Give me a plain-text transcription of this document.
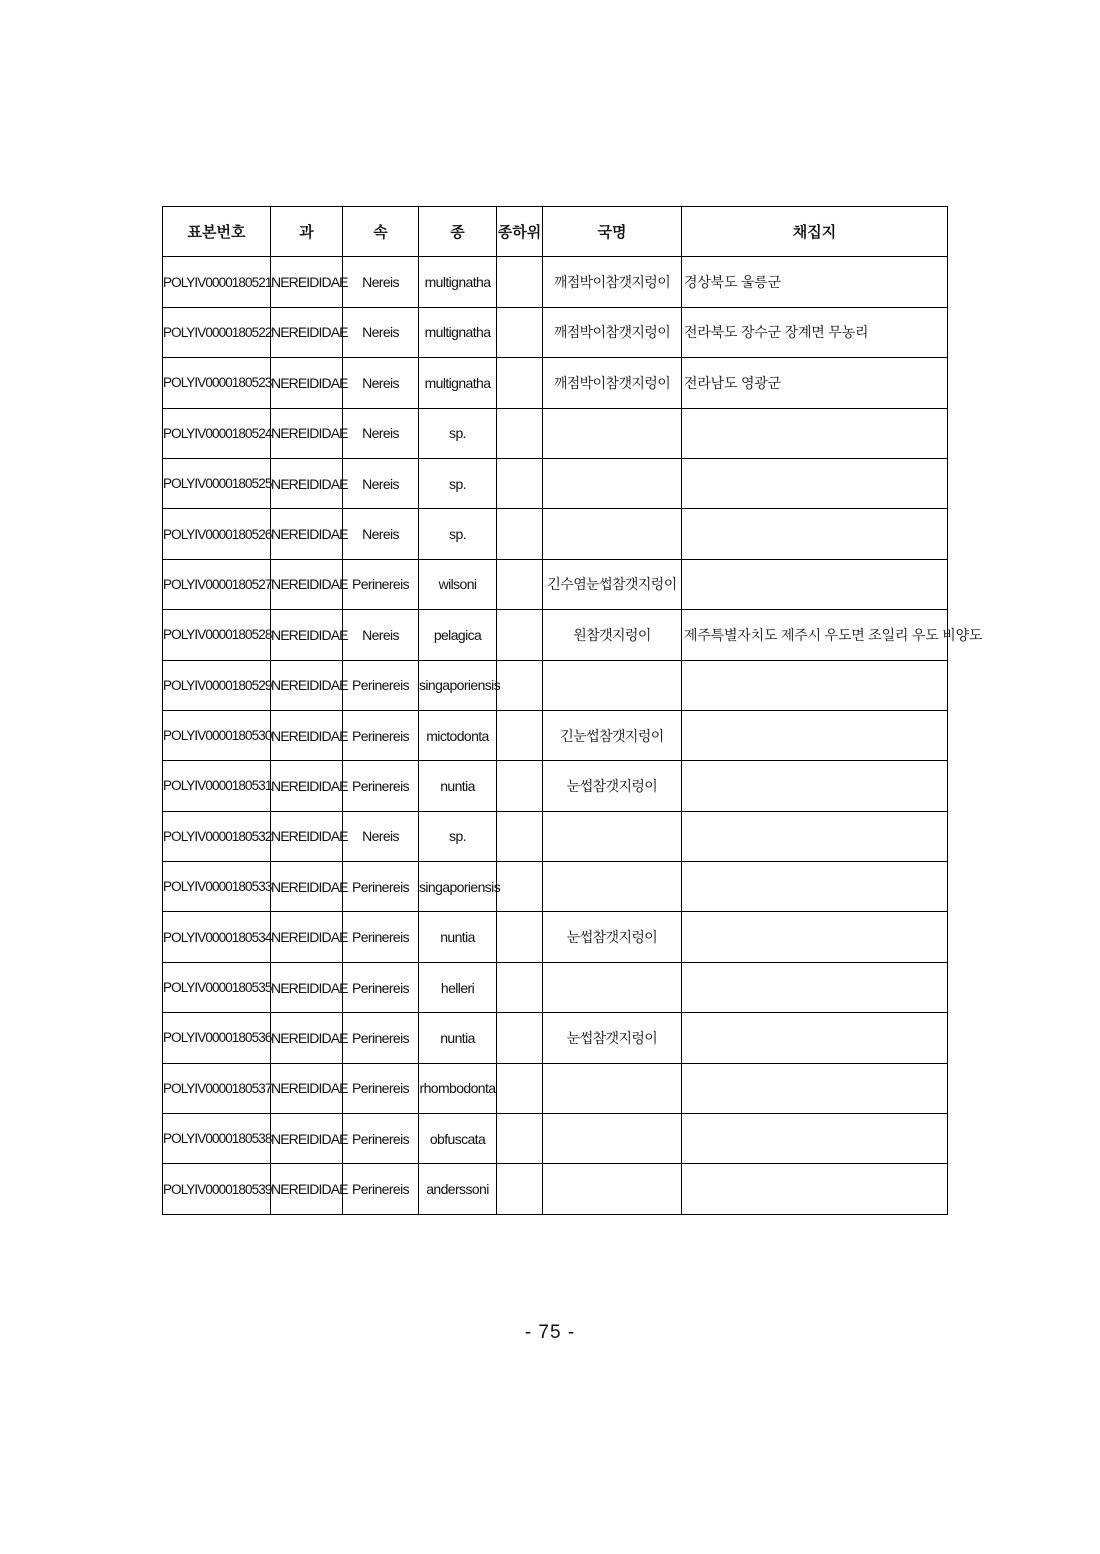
표본번호	과	속	종	종하위	국명	채집지
POLYIV0000180521	NEREIDIDAE	Nereis	multignatha		깨점박이참갯지렁이	경상북도 울릉군
POLYIV0000180522	NEREIDIDAE	Nereis	multignatha		깨점박이참갯지렁이	전라북도 장수군 장계면 무농리
POLYIV0000180523	NEREIDIDAE	Nereis	multignatha		깨점박이참갯지렁이	전라남도 영광군
POLYIV0000180524	NEREIDIDAE	Nereis	sp.			
POLYIV0000180525	NEREIDIDAE	Nereis	sp.			
POLYIV0000180526	NEREIDIDAE	Nereis	sp.			
POLYIV0000180527	NEREIDIDAE	Perinereis	wilsoni		긴수염눈썹참갯지렁이	
POLYIV0000180528	NEREIDIDAE	Nereis	pelagica		원참갯지렁이	제주특별자치도 제주시 우도면 조일리 우도 비양도
POLYIV0000180529	NEREIDIDAE	Perinereis	singaporiensis			
POLYIV0000180530	NEREIDIDAE	Perinereis	mictodonta		긴눈썹참갯지렁이	
POLYIV0000180531	NEREIDIDAE	Perinereis	nuntia		눈썹참갯지렁이	
POLYIV0000180532	NEREIDIDAE	Nereis	sp.			
POLYIV0000180533	NEREIDIDAE	Perinereis	singaporiensis			
POLYIV0000180534	NEREIDIDAE	Perinereis	nuntia		눈썹참갯지렁이	
POLYIV0000180535	NEREIDIDAE	Perinereis	helleri			
POLYIV0000180536	NEREIDIDAE	Perinereis	nuntia		눈썹참갯지렁이	
POLYIV0000180537	NEREIDIDAE	Perinereis	rhombodonta			
POLYIV0000180538	NEREIDIDAE	Perinereis	obfuscata			
POLYIV0000180539	NEREIDIDAE	Perinereis	anderssoni			
- 75 -
